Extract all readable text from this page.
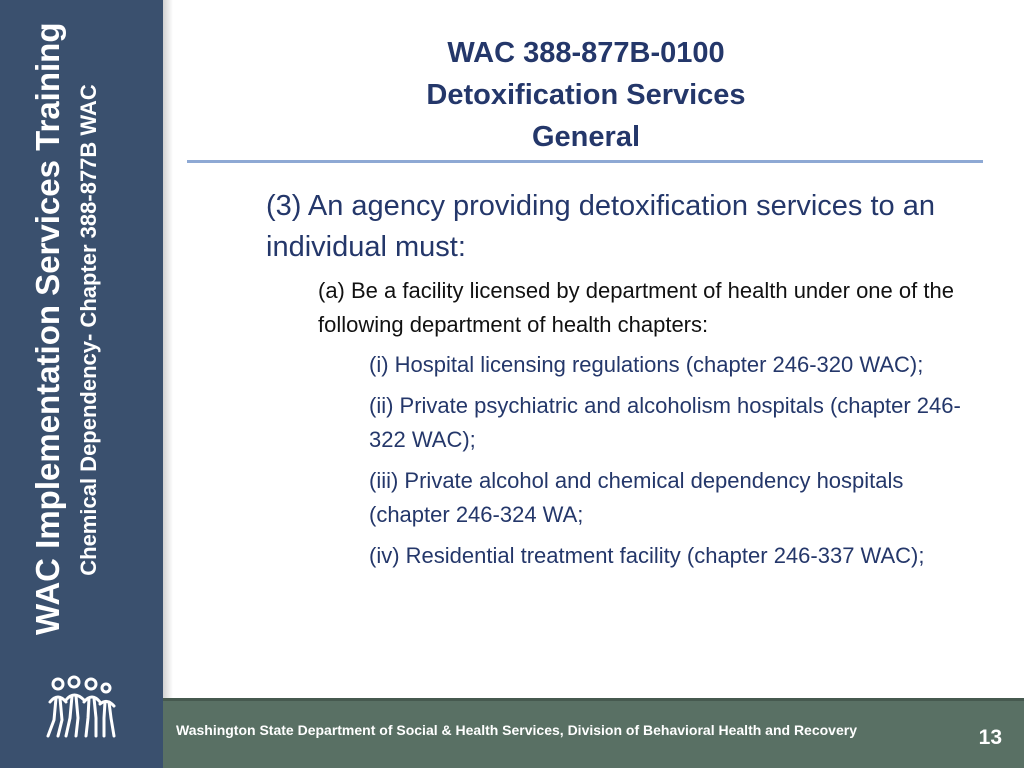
WAC Implementation Services Training Chemical Dependency- Chapter 388-877B WAC
WAC 388-877B-0100
Detoxification Services
General

(3) An agency providing detoxification services to an individual must:

(a) Be a facility licensed by department of health under one of the following department of health chapters:

(i) Hospital licensing regulations (chapter 246-320 WAC);

(ii) Private psychiatric and alcoholism hospitals (chapter 246-322 WAC);

(iii) Private alcohol and chemical dependency hospitals (chapter 246-324 WA;

(iv) Residential treatment facility (chapter 246-337 WAC);

Washington State Department of Social & Health Services, Division of Behavioral Health and Recovery	13
